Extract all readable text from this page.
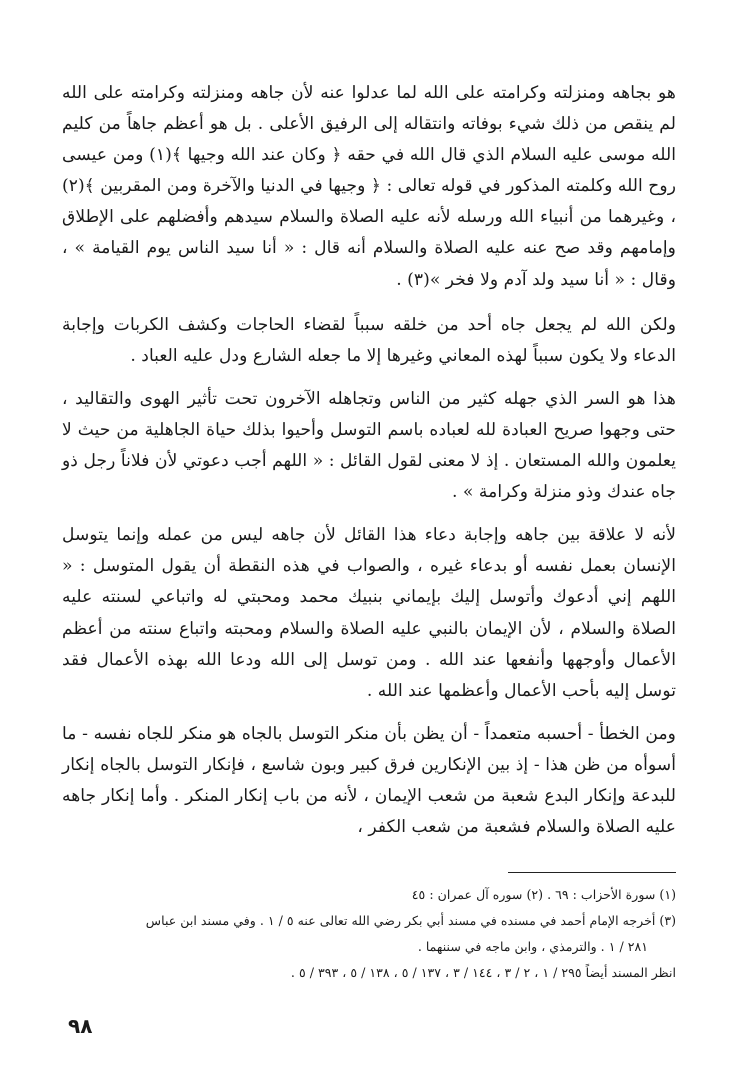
هو بجاهه ومنزلته وكرامته على الله لما عدلوا عنه لأن جاهه ومنزلته وكرامته على الله لم ينقص من ذلك شيء بوفاته وانتقاله إلى الرفيق الأعلى . بل هو أعظم جاهاً من كليم الله موسى عليه السلام الذي قال الله في حقه ﴿ وكان عند الله وجيها ﴾(١) ومن عيسى روح الله وكلمته المذكور في قوله تعالى : ﴿ وجيها في الدنيا والآخرة ومن المقربين ﴾(٢) ، وغيرهما من أنبياء الله ورسله لأنه عليه الصلاة والسلام سيدهم وأفضلهم على الإطلاق وإمامهم وقد صح عنه عليه الصلاة والسلام أنه قال : « أنا سيد الناس يوم القيامة » ، وقال : « أنا سيد ولد آدم ولا فخر »(٣) .

ولكن الله لم يجعل جاه أحد من خلقه سبباً لقضاء الحاجات وكشف الكربات وإجابة الدعاء ولا يكون سبباً لهذه المعاني وغيرها إلا ما جعله الشارع ودل عليه العباد .

هذا هو السر الذي جهله كثير من الناس وتجاهله الآخرون تحت تأثير الهوى والتقاليد ، حتى وجهوا صريح العبادة لله لعباده باسم التوسل وأحيوا بذلك حياة الجاهلية من حيث لا يعلمون والله المستعان . إذ لا معنى لقول القائل : « اللهم أجب دعوتي لأن فلاناً رجل ذو جاه عندك وذو منزلة وكرامة » .

لأنه لا علاقة بين جاهه وإجابة دعاء هذا القائل لأن جاهه ليس من عمله وإنما يتوسل الإنسان بعمل نفسه أو بدعاء غيره ، والصواب في هذه النقطة أن يقول المتوسل : « اللهم إني أدعوك وأتوسل إليك بإيماني بنبيك محمد ومحبتي له واتباعي لسنته عليه الصلاة والسلام ، لأن الإيمان بالنبي عليه الصلاة والسلام ومحبته واتباع سنته من أعظم الأعمال وأوجهها وأنفعها عند الله . ومن توسل إلى الله ودعا الله بهذه الأعمال فقد توسل إليه بأحب الأعمال وأعظمها عند الله .

ومن الخطأ - أحسبه متعمداً - أن يظن بأن منكر التوسل بالجاه هو منكر للجاه نفسه - ما أسوأه من ظن هذا - إذ بين الإنكارين فرق كبير وبون شاسع ، فإنكار التوسل بالجاه إنكار للبدعة وإنكار البدع شعبة من شعب الإيمان ، لأنه من باب إنكار المنكر . وأما إنكار جاهه عليه الصلاة والسلام فشعبة من شعب الكفر ،

(١) سورة الأحزاب : ٦٩ . (٢) سوره آل عمران : ٤٥

(٣) أخرجه الإمام أحمد في مسنده في مسند أبي بكر رضي الله تعالى عنه ٥ / ١ . وفي مسند ابن عباس

٢٨١ / ١ . والترمذي ، وابن ماجه في سننهما .

انظر المسند أيضاً ٢٩٥ / ١ ، ٢ / ٣ ، ١٤٤ / ٣ ، ١٣٧ / ٥ ، ١٣٨ / ٥ ، ٣٩٣ / ٥ .

٩٨
